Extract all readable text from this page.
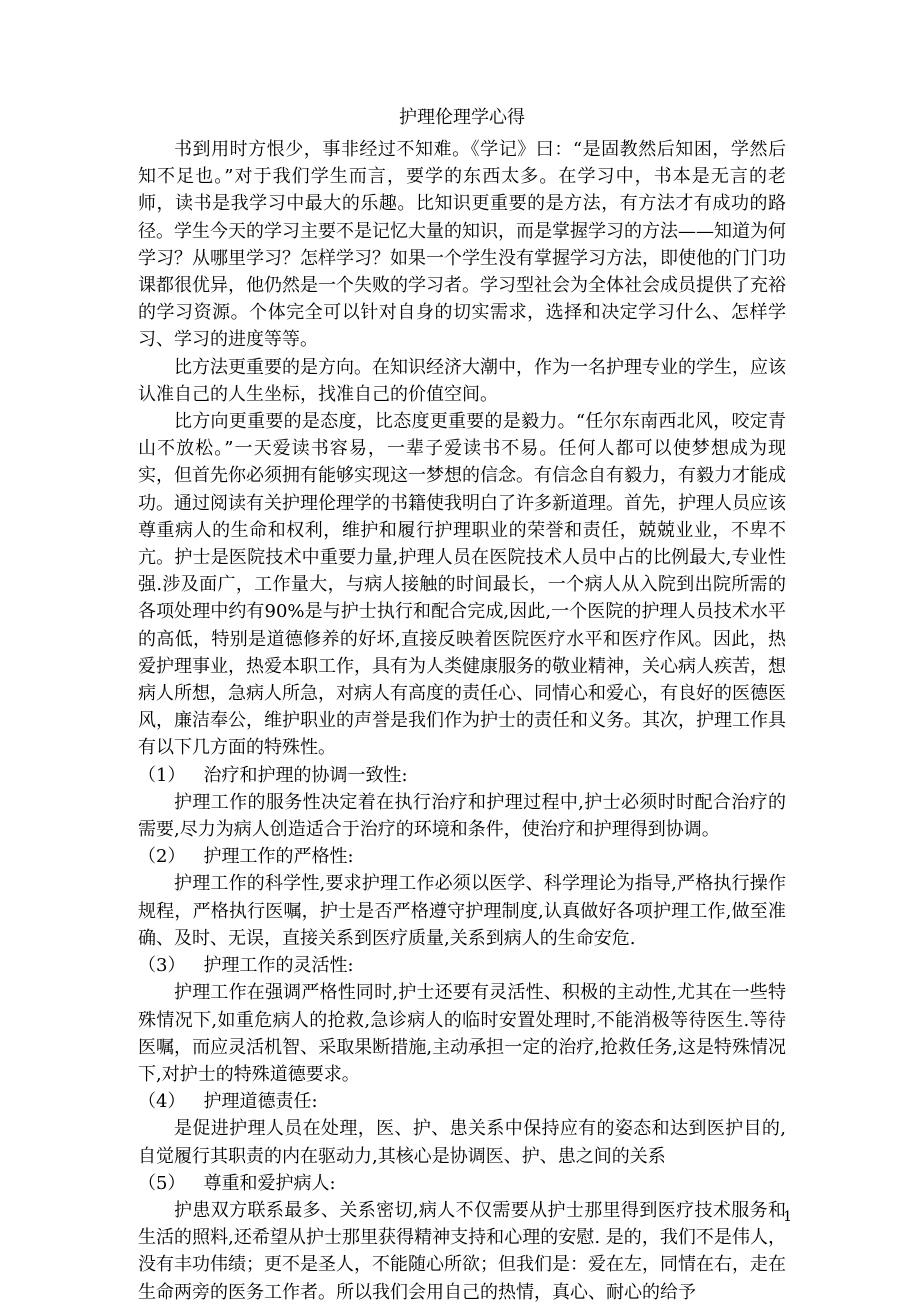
护理伦理学心得

书到用时方恨少，事非经过不知难。《学记》曰：“是固教然后知困，学然后知不足也。”对于我们学生而言，要学的东西太多。在学习中，书本是无言的老师，读书是我学习中最大的乐趣。比知识更重要的是方法，有方法才有成功的路径。学生今天的学习主要不是记忆大量的知识，而是掌握学习的方法——知道为何学习？从哪里学习？怎样学习？如果一个学生没有掌握学习方法，即使他的门门功课都很优异，他仍然是一个失败的学习者。学习型社会为全体社会成员提供了充裕的学习资源。个体完全可以针对自身的切实需求，选择和决定学习什么、怎样学习、学习的进度等等。

比方法更重要的是方向。在知识经济大潮中，作为一名护理专业的学生，应该认准自己的人生坐标，找准自己的价值空间。

比方向更重要的是态度，比态度更重要的是毅力。“任尔东南西北风，咬定青山不放松。”一天爱读书容易，一辈子爱读书不易。任何人都可以使梦想成为现实，但首先你必须拥有能够实现这一梦想的信念。有信念自有毅力，有毅力才能成功。通过阅读有关护理伦理学的书籍使我明白了许多新道理。首先，护理人员应该尊重病人的生命和权利，维护和履行护理职业的荣誉和责任，兢兢业业，不卑不亢。护士是医院技术中重要力量,护理人员在医院技术人员中占的比例最大,专业性强.涉及面广，工作量大，与病人接触的时间最长，一个病人从入院到出院所需的各项处理中约有90%是与护士执行和配合完成,因此,一个医院的护理人员技术水平的高低，特别是道德修养的好坏,直接反映着医院医疗水平和医疗作风。因此，热爱护理事业，热爱本职工作，具有为人类健康服务的敬业精神，关心病人疾苦，想病人所想，急病人所急，对病人有高度的责任心、同情心和爱心，有良好的医德医风，廉洁奉公，维护职业的声誉是我们作为护士的责任和义务。其次，护理工作具有以下几方面的特殊性。

（1） 治疗和护理的协调一致性:

护理工作的服务性决定着在执行治疗和护理过程中,护士必须时时配合治疗的需要,尽力为病人创造适合于治疗的环境和条件，使治疗和护理得到协调。

（2） 护理工作的严格性:

护理工作的科学性,要求护理工作必须以医学、科学理论为指导,严格执行操作规程，严格执行医嘱，护士是否严格遵守护理制度,认真做好各项护理工作,做至准确、及时、无误，直接关系到医疗质量,关系到病人的生命安危.

（3） 护理工作的灵活性:

护理工作在强调严格性同时,护士还要有灵活性、积极的主动性,尤其在一些特殊情况下,如重危病人的抢救,急诊病人的临时安置处理时,不能消极等待医生.等待医嘱，而应灵活机智、采取果断措施,主动承担一定的治疗,抢救任务,这是特殊情况下,对护士的特殊道德要求。

（4） 护理道德责任:

是促进护理人员在处理，医、护、患关系中保持应有的姿态和达到医护目的,自觉履行其职责的内在驱动力,其核心是协调医、护、患之间的关系

（5） 尊重和爱护病人:

护患双方联系最多、关系密切,病人不仅需要从护士那里得到医疗技术服务和生活的照料,还希望从护士那里获得精神支持和心理的安慰. 是的，我们不是伟人，没有丰功伟绩；更不是圣人，不能随心所欲；但我们是：爱在左，同情在右，走在生命两旁的医务工作者。所以我们会用自己的热情，真心、耐心的给予

1
